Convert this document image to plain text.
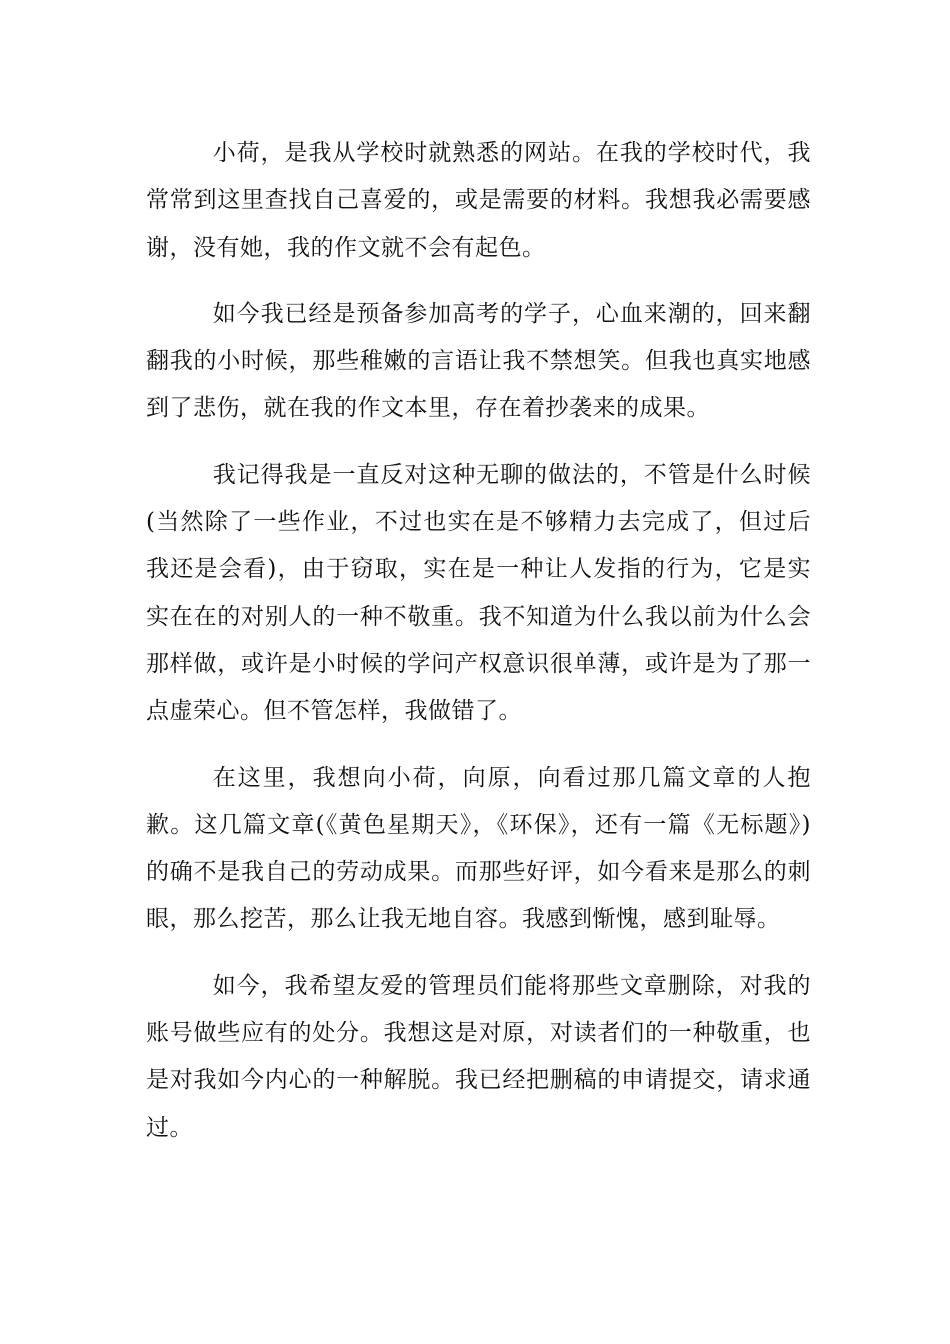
小荷，是我从学校时就熟悉的网站。在我的学校时代，我常常到这里查找自己喜爱的，或是需要的材料。我想我必需要感谢，没有她，我的作文就不会有起色。

如今我已经是预备参加高考的学子，心血来潮的，回来翻翻我的小时候，那些稚嫩的言语让我不禁想笑。但我也真实地感到了悲伤，就在我的作文本里，存在着抄袭来的成果。

我记得我是一直反对这种无聊的做法的，不管是什么时候(当然除了一些作业，不过也实在是不够精力去完成了，但过后我还是会看)，由于窃取，实在是一种让人发指的行为，它是实实在在的对别人的一种不敬重。我不知道为什么我以前为什么会那样做，或许是小时候的学问产权意识很单薄，或许是为了那一点虚荣心。但不管怎样，我做错了。

在这里，我想向小荷，向原，向看过那几篇文章的人抱歉。这几篇文章(《黄色星期天》，《环保》，还有一篇《无标题》)的确不是我自己的劳动成果。而那些好评，如今看来是那么的刺眼，那么挖苦，那么让我无地自容。我感到惭愧，感到耻辱。

如今，我希望友爱的管理员们能将那些文章删除，对我的账号做些应有的处分。我想这是对原，对读者们的一种敬重，也是对我如今内心的一种解脱。我已经把删稿的申请提交，请求通过。
